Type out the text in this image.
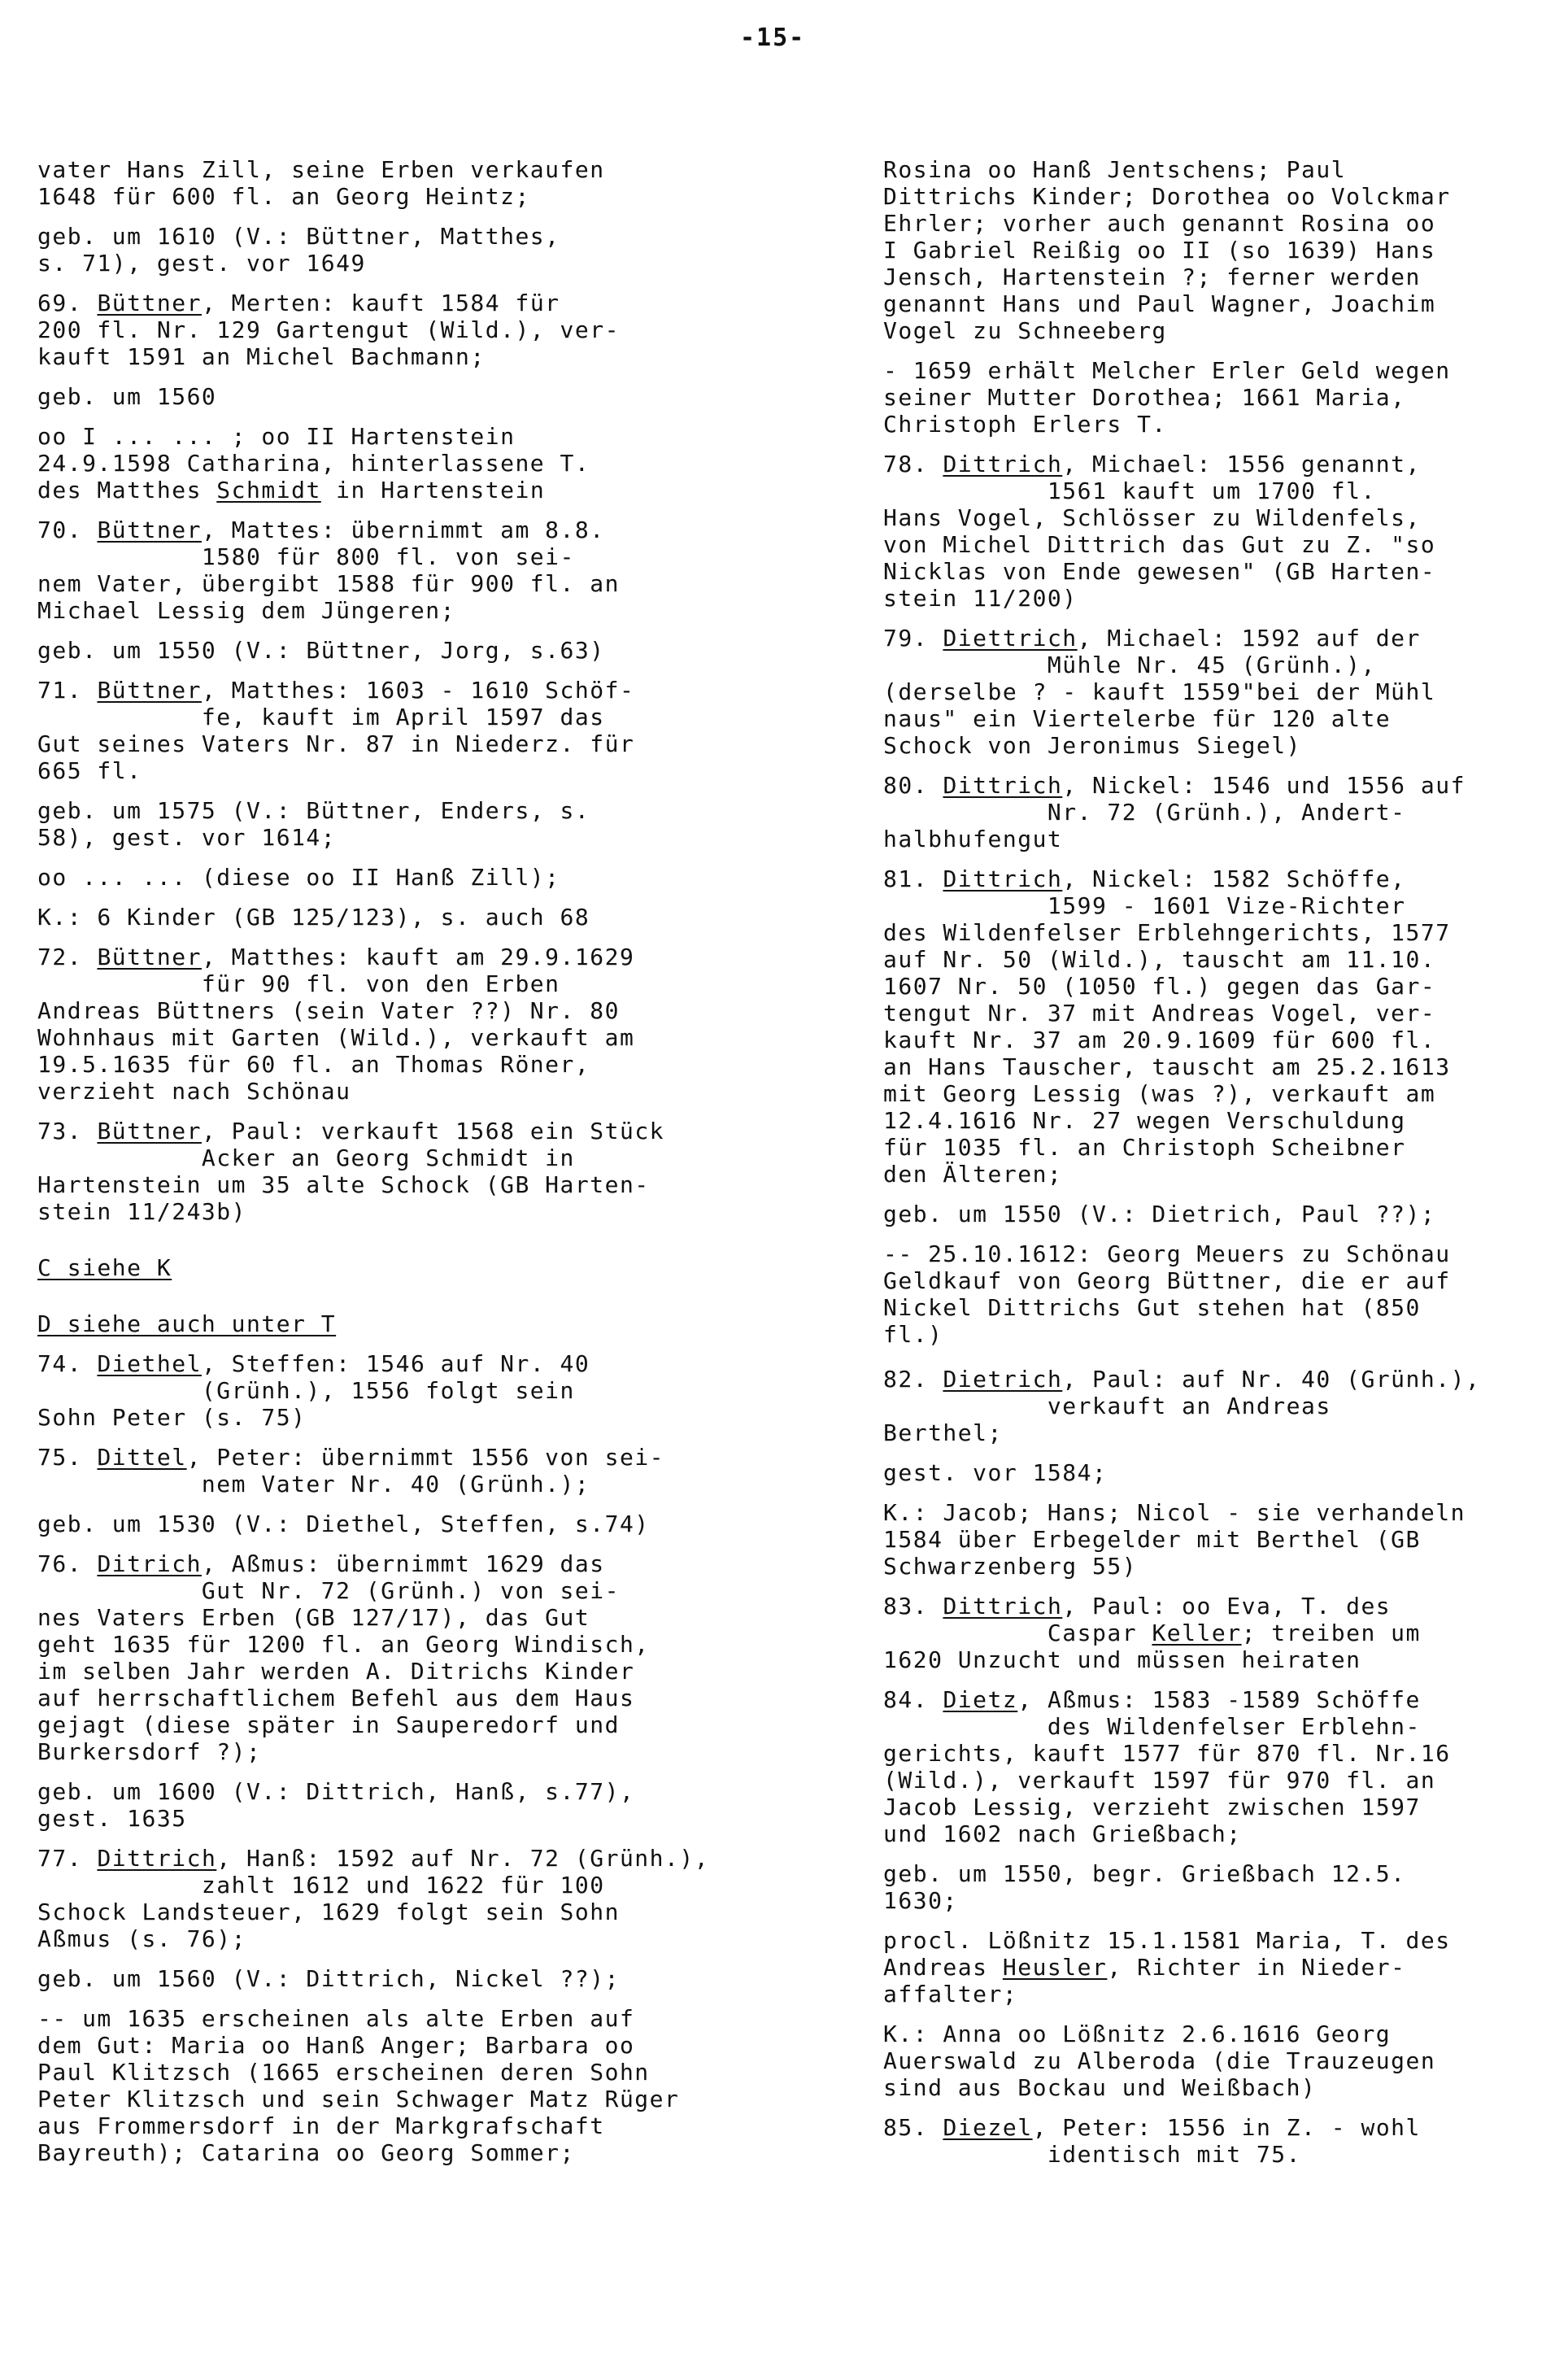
-15-
vater Hans Zill, seine Erben verkaufen
1648 für 600 fl. an Georg Heintz;
geb. um 1610 (V.: Büttner, Matthes,
s. 71), gest. vor 1649
69. Büttner, Merten: kauft 1584 für
200 fl. Nr. 129 Gartengut (Wild.), ver-
kauft 1591 an Michel Bachmann;
geb. um 1560
oo I ... ... ; oo II Hartenstein
24.9.1598 Catharina, hinterlassene T.
des Matthes Schmidt in Hartenstein
70. Büttner, Mattes: übernimmt am 8.8.
1580 für 800 fl. von sei-
nem Vater, übergibt 1588 für 900 fl. an
Michael Lessig dem Jüngeren;
geb. um 1550 (V.: Büttner, Jorg, s.63)
71. Büttner, Matthes: 1603 - 1610 Schöf-
fe, kauft im April 1597 das
Gut seines Vaters Nr. 87 in Niederz. für
665 fl.
geb. um 1575 (V.: Büttner, Enders, s.
58), gest. vor 1614;
oo ... ... (diese oo II Hanß Zill);
K.: 6 Kinder (GB 125/123), s. auch 68
72. Büttner, Matthes: kauft am 29.9.1629
für 90 fl. von den Erben
Andreas Büttners (sein Vater ??) Nr. 80
Wohnhaus mit Garten (Wild.), verkauft am
19.5.1635 für 60 fl. an Thomas Röner,
verzieht nach Schönau
73. Büttner, Paul: verkauft 1568 ein Stück
Acker an Georg Schmidt in
Hartenstein um 35 alte Schock (GB Harten-
stein 11/243b)
C siehe K
D siehe auch unter T
74. Diethel, Steffen: 1546 auf Nr. 40
(Grünh.), 1556 folgt sein
Sohn Peter (s. 75)
75. Dittel, Peter: übernimmt 1556 von sei-
nem Vater Nr. 40 (Grünh.);
geb. um 1530 (V.: Diethel, Steffen, s.74)
76. Ditrich, Aßmus: übernimmt 1629 das
Gut Nr. 72 (Grünh.) von sei-
nes Vaters Erben (GB 127/17), das Gut
geht 1635 für 1200 fl. an Georg Windisch,
im selben Jahr werden A. Ditrichs Kinder
auf herrschaftlichem Befehl aus dem Haus
gejagt (diese später in Sauperedorf und
Burkersdorf ?);
geb. um 1600 (V.: Dittrich, Hanß, s.77),
gest. 1635
77. Dittrich, Hanß: 1592 auf Nr. 72 (Grünh.),
zahlt 1612 und 1622 für 100
Schock Landsteuer, 1629 folgt sein Sohn
Aßmus (s. 76);
geb. um 1560 (V.: Dittrich, Nickel ??);
-- um 1635 erscheinen als alte Erben auf
dem Gut: Maria oo Hanß Anger; Barbara oo
Paul Klitzsch (1665 erscheinen deren Sohn
Peter Klitzsch und sein Schwager Matz Rüger
aus Frommersdorf in der Markgrafschaft
Bayreuth); Catarina oo Georg Sommer;
Rosina oo Hanß Jentschens; Paul
Dittrichs Kinder; Dorothea oo Volckmar
Ehrler; vorher auch genannt Rosina oo
I Gabriel Reißig oo II (so 1639) Hans
Jensch, Hartenstein ?; ferner werden
genannt Hans und Paul Wagner, Joachim
Vogel zu Schneeberg
- 1659 erhält Melcher Erler Geld wegen
seiner Mutter Dorothea; 1661 Maria,
Christoph Erlers T.
78. Dittrich, Michael: 1556 genannt,
1561 kauft um 1700 fl.
Hans Vogel, Schlösser zu Wildenfels,
von Michel Dittrich das Gut zu Z. "so
Nicklas von Ende gewesen" (GB Harten-
stein 11/200)
79. Diettrich, Michael: 1592 auf der
Mühle Nr. 45 (Grünh.),
(derselbe ? - kauft 1559"bei der Mühl
naus" ein Viertelerbe für 120 alte
Schock von Jeronimus Siegel)
80. Dittrich, Nickel: 1546 und 1556 auf
Nr. 72 (Grünh.), Andert-
halbhufengut
81. Dittrich, Nickel: 1582 Schöffe,
1599 - 1601 Vize-Richter
des Wildenfelser Erblehngerichts, 1577
auf Nr. 50 (Wild.), tauscht am 11.10.
1607 Nr. 50 (1050 fl.) gegen das Gar-
tengut Nr. 37 mit Andreas Vogel, ver-
kauft Nr. 37 am 20.9.1609 für 600 fl.
an Hans Tauscher, tauscht am 25.2.1613
mit Georg Lessig (was ?), verkauft am
12.4.1616 Nr. 27 wegen Verschuldung
für 1035 fl. an Christoph Scheibner
den Älteren;
geb. um 1550 (V.: Dietrich, Paul ??);
-- 25.10.1612: Georg Meuers zu Schönau
Geldkauf von Georg Büttner, die er auf
Nickel Dittrichs Gut stehen hat (850
fl.)
82. Dietrich, Paul: auf Nr. 40 (Grünh.),
verkauft an Andreas
Berthel;
gest. vor 1584;
K.: Jacob; Hans; Nicol - sie verhandeln
1584 über Erbegelder mit Berthel (GB
Schwarzenberg 55)
83. Dittrich, Paul: oo Eva, T. des
Caspar Keller; treiben um
1620 Unzucht und müssen heiraten
84. Dietz, Aßmus: 1583 -1589 Schöffe
des Wildenfelser Erblehn-
gerichts, kauft 1577 für 870 fl. Nr.16
(Wild.), verkauft 1597 für 970 fl. an
Jacob Lessig, verzieht zwischen 1597
und 1602 nach Grießbach;
geb. um 1550, begr. Grießbach 12.5.
1630;
procl. Lößnitz 15.1.1581 Maria, T. des
Andreas Heusler, Richter in Nieder-
affalter;
K.: Anna oo Lößnitz 2.6.1616 Georg
Auerswald zu Alberoda (die Trauzeugen
sind aus Bockau und Weißbach)
85. Diezel, Peter: 1556 in Z. - wohl
identisch mit 75.
